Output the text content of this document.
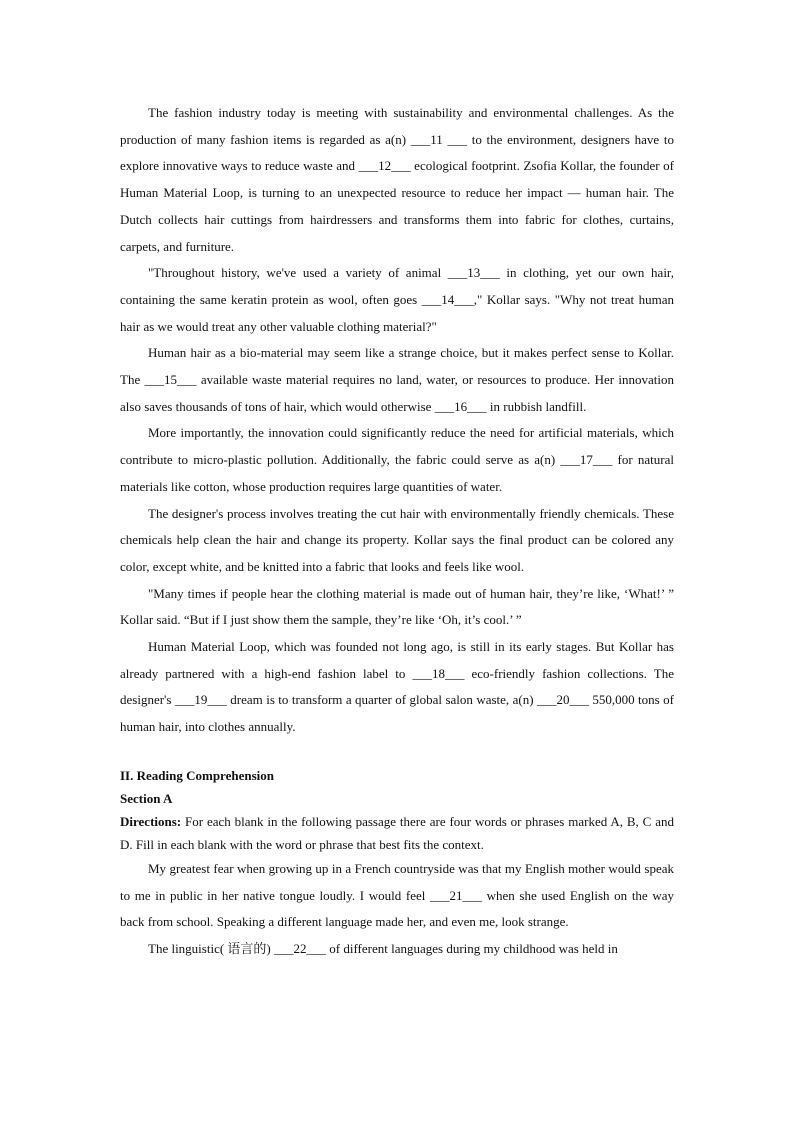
The fashion industry today is meeting with sustainability and environmental challenges. As the production of many fashion items is regarded as a(n) ___11 ___ to the environment, designers have to explore innovative ways to reduce waste and ___12___ ecological footprint. Zsofia Kollar, the founder of Human Material Loop, is turning to an unexpected resource to reduce her impact — human hair. The Dutch collects hair cuttings from hairdressers and transforms them into fabric for clothes, curtains, carpets, and furniture.

"Throughout history, we've used a variety of animal ___13___ in clothing, yet our own hair, containing the same keratin protein as wool, often goes ___14___," Kollar says. "Why not treat human hair as we would treat any other valuable clothing material?"

Human hair as a bio-material may seem like a strange choice, but it makes perfect sense to Kollar. The ___15___ available waste material requires no land, water, or resources to produce. Her innovation also saves thousands of tons of hair, which would otherwise ___16___ in rubbish landfill.

More importantly, the innovation could significantly reduce the need for artificial materials, which contribute to micro-plastic pollution. Additionally, the fabric could serve as a(n) ___17___ for natural materials like cotton, whose production requires large quantities of water.

The designer's process involves treating the cut hair with environmentally friendly chemicals. These chemicals help clean the hair and change its property. Kollar says the final product can be colored any color, except white, and be knitted into a fabric that looks and feels like wool.

"Many times if people hear the clothing material is made out of human hair, they’re like, ‘What!’ ” Kollar said. “But if I just show them the sample, they’re like ‘Oh, it’s cool.’ ”

Human Material Loop, which was founded not long ago, is still in its early stages. But Kollar has already partnered with a high-end fashion label to ___18___ eco-friendly fashion collections. The designer's ___19___ dream is to transform a quarter of global salon waste, a(n) ___20___ 550,000 tons of human hair, into clothes annually.

II. Reading Comprehension

Section A

Directions: For each blank in the following passage there are four words or phrases marked A, B, C and D. Fill in each blank with the word or phrase that best fits the context.

My greatest fear when growing up in a French countryside was that my English mother would speak to me in public in her native tongue loudly. I would feel ___21___ when she used English on the way back from school. Speaking a different language made her, and even me, look strange.

The linguistic( 语言的) ___22___ of different languages during my childhood was held in
